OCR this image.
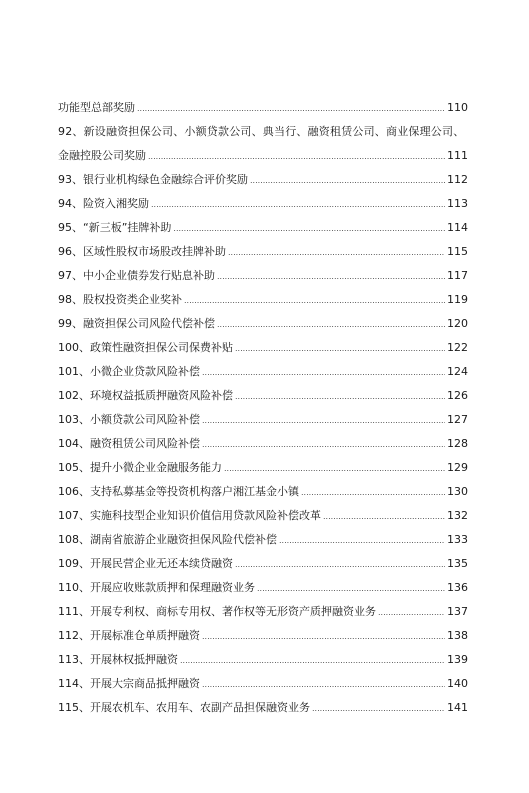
功能型总部奖励 .....	110
92、新设融资担保公司、小额贷款公司、典当行、融资租赁公司、商业保理公司、
金融控股公司奖励 .....	111
93、银行业机构绿色金融综合评价奖励 .....	112
94、险资入湘奖励 .....	113
95、“新三板”挂牌补助 .....	114
96、区域性股权市场股改挂牌补助 .....	115
97、中小企业债券发行贴息补助 .....	117
98、股权投资类企业奖补 .....	119
99、融资担保公司风险代偿补偿 .....	120
100、政策性融资担保公司保费补贴 .....	122
101、小微企业贷款风险补偿 .....	124
102、环境权益抵质押融资风险补偿 .....	126
103、小额贷款公司风险补偿 .....	127
104、融资租赁公司风险补偿 .....	128
105、提升小微企业金融服务能力 .....	129
106、支持私募基金等投资机构落户湘江基金小镇 .....	130
107、实施科技型企业知识价值信用贷款风险补偿改革 .....	132
108、湖南省旅游企业融资担保风险代偿补偿 .....	133
109、开展民营企业无还本续贷融资 .....	135
110、开展应收账款质押和保理融资业务 .....	136
111、开展专利权、商标专用权、著作权等无形资产质押融资业务 .....	137
112、开展标准仓单质押融资 .....	138
113、开展林权抵押融资 .....	139
114、开展大宗商品抵押融资 .....	140
115、开展农机车、农用车、农副产品担保融资业务 .....	141
